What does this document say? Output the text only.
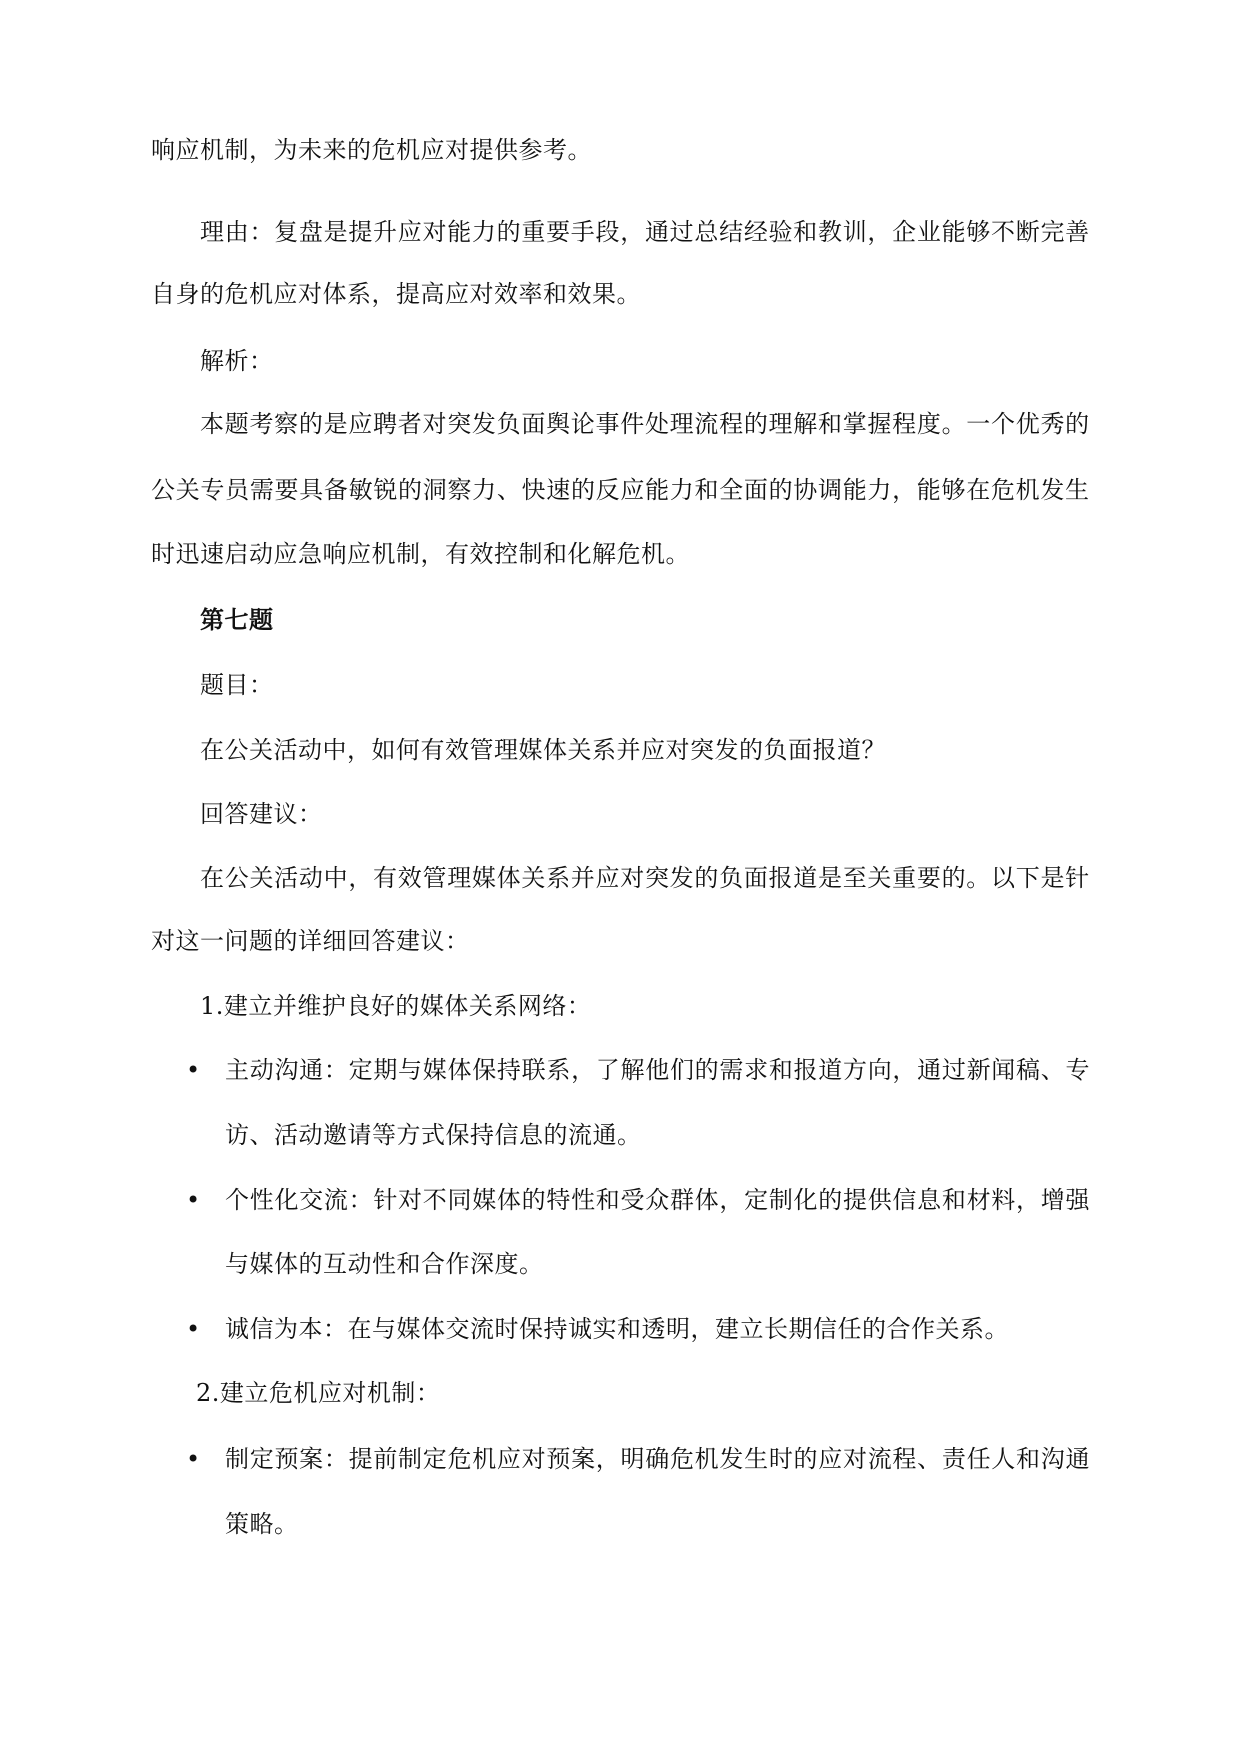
响应机制，为未来的危机应对提供参考。
理 由 ： 复 盘 是 提 升 应 对 能 力 的 重 要 手 段 ， 通 过 总 结 经 验 和 教 训 ， 企 业 能 够 不 断 完 善
自身的危机应对体系，提高应对效率和效果。
解析：
本 题 考 察 的 是 应 聘 者 对 突 发 负 面 舆 论 事 件 处 理 流 程 的 理 解 和 掌 握 程 度 。 一 个 优 秀 的
公 关 专 员 需 要 具 备 敏 锐 的 洞 察 力 、 快 速 的 反 应 能 力 和 全 面 的 协 调 能 力 ， 能 够 在 危 机 发 生
时迅速启动应急响应机制，有效控制和化解危机。
第七题
题目：
在公关活动中，如何有效管理媒体关系并应对突发的负面报道？
回答建议：
在 公 关 活 动 中 ， 有 效 管 理 媒 体 关 系 并 应 对 突 发 的 负 面 报 道 是 至 关 重 要 的 。 以 下 是 针
对这一问题的详细回答建议：
1.建立并维护良好的媒体关系网络：
• 主 动 沟 通 ： 定 期 与 媒 体 保 持 联 系 ， 了 解 他 们 的 需 求 和 报 道 方 向 ， 通 过 新 闻 稿 、 专
访、活动邀请等方式保持信息的流通。
• 个 性 化 交 流 ： 针 对 不 同 媒 体 的 特 性 和 受 众 群 体 ， 定 制 化 的 提 供 信 息 和 材 料 ， 增 强
与媒体的互动性和合作深度。
• 诚信为本：在与媒体交流时保持诚实和透明，建立长期信任的合作关系。
2.建立危机应对机制：
• 制 定 预 案 ： 提 前 制 定 危 机 应 对 预 案 ， 明 确 危 机 发 生 时 的 应 对 流 程 、 责 任 人 和 沟 通
策略。
